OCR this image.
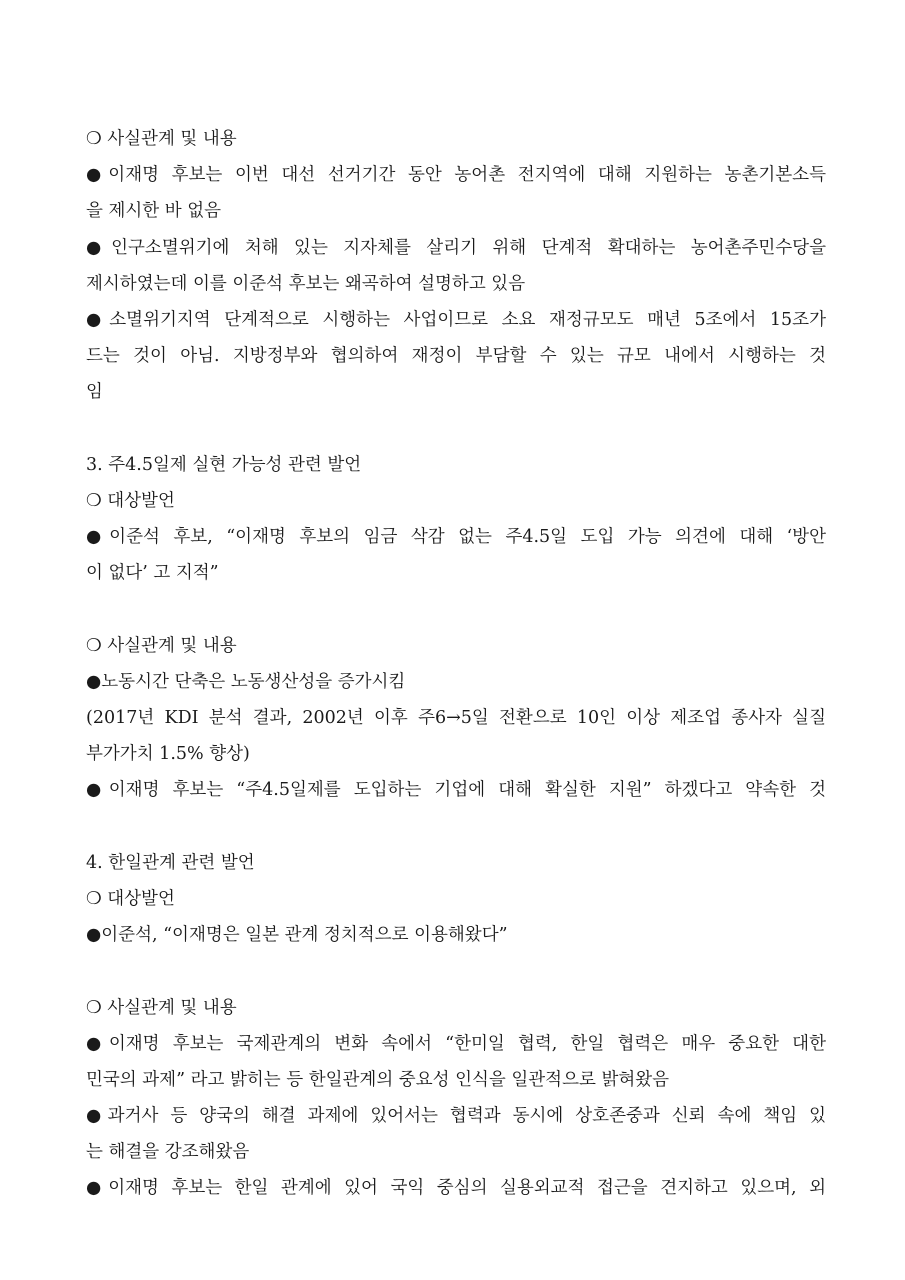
❍ 사실관계 및 내용
●이재명 후보는 이번 대선 선거기간 동안 농어촌 전지역에 대해 지원하는 농촌기본소득
을 제시한 바 없음
●인구소멸위기에 처해 있는 지자체를 살리기 위해 단계적 확대하는 농어촌주민수당을
제시하였는데 이를 이준석 후보는 왜곡하여 설명하고 있음
●소멸위기지역 단계적으로 시행하는 사업이므로 소요 재정규모도 매년 5조에서 15조가
드는 것이 아님. 지방정부와 협의하여 재정이 부담할 수 있는 규모 내에서 시행하는 것
임
3. 주4.5일제 실현 가능성 관련 발언
❍ 대상발언
●이준석 후보, “이재명 후보의 임금 삭감 없는 주4.5일 도입 가능 의견에 대해 ‘방안
이 없다’ 고 지적”
❍ 사실관계 및 내용
●노동시간 단축은 노동생산성을 증가시킴
(2017년 KDI 분석 결과, 2002년 이후 주6→5일 전환으로 10인 이상 제조업 종사자 실질
부가가치 1.5% 향상)
●이재명 후보는 “주4.5일제를 도입하는 기업에 대해 확실한 지원” 하겠다고 약속한 것
4. 한일관계 관련 발언
❍ 대상발언
●이준석, “이재명은 일본 관계 정치적으로 이용해왔다”
❍ 사실관계 및 내용
●이재명 후보는 국제관계의 변화 속에서 “한미일 협력, 한일 협력은 매우 중요한 대한
민국의 과제” 라고 밝히는 등 한일관계의 중요성 인식을 일관적으로 밝혀왔음
●과거사 등 양국의 해결 과제에 있어서는 협력과 동시에 상호존중과 신뢰 속에 책임 있
는 해결을 강조해왔음
●이재명 후보는 한일 관계에 있어 국익 중심의 실용외교적 접근을 견지하고 있으며, 외
